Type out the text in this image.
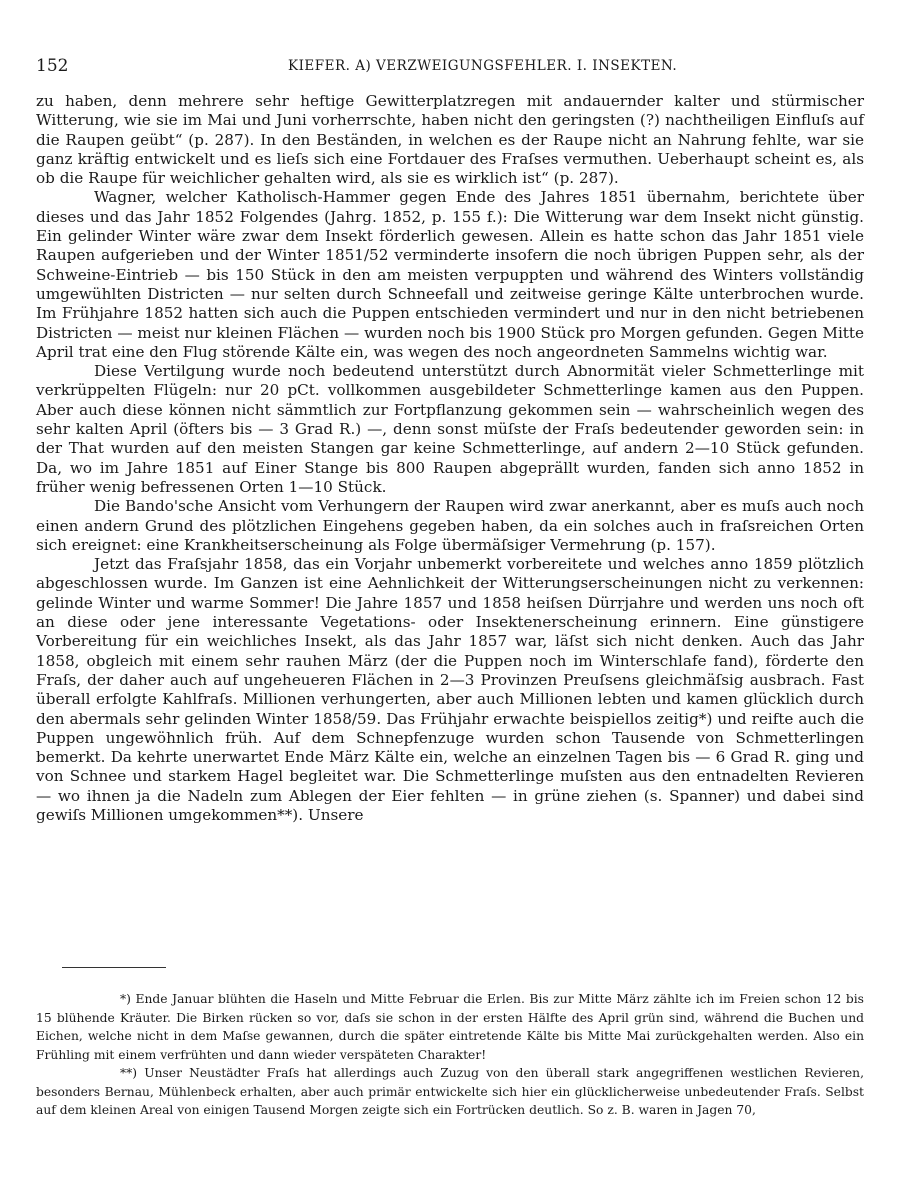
152	KIEFER. A) VERZWEIGUNGSFEHLER. I. INSEKTEN.

zu haben, denn mehrere sehr heftige Gewitterplatzregen mit andauernder kalter und stürmischer Witterung, wie sie im Mai und Juni vorherrschte, haben nicht den geringsten (?) nachtheiligen Einfluſs auf die Raupen geübt“ (p. 287). In den Beständen, in welchen es der Raupe nicht an Nahrung fehlte, war sie ganz kräftig entwickelt und es lieſs sich eine Fortdauer des Fraſses vermuthen. Ueberhaupt scheint es, als ob die Raupe für weichlicher gehalten wird, als sie es wirklich ist“ (p. 287).

Wagner, welcher Katholisch-Hammer gegen Ende des Jahres 1851 übernahm, berichtete über dieses und das Jahr 1852 Folgendes (Jahrg. 1852, p. 155 f.): Die Witterung war dem Insekt nicht günstig. Ein gelinder Winter wäre zwar dem Insekt förderlich gewesen. Allein es hatte schon das Jahr 1851 viele Raupen aufgerieben und der Winter 1851/52 verminderte insofern die noch übrigen Puppen sehr, als der Schweine-Eintrieb — bis 150 Stück in den am meisten verpuppten und während des Winters vollständig umgewühlten Districten — nur selten durch Schneefall und zeitweise geringe Kälte unterbrochen wurde. Im Frühjahre 1852 hatten sich auch die Puppen entschieden vermindert und nur in den nicht betriebenen Districten — meist nur kleinen Flächen — wurden noch bis 1900 Stück pro Morgen gefunden. Gegen Mitte April trat eine den Flug störende Kälte ein, was wegen des noch angeordneten Sammelns wichtig war.

Diese Vertilgung wurde noch bedeutend unterstützt durch Abnormität vieler Schmetterlinge mit verkrüppelten Flügeln: nur 20 pCt. vollkommen ausgebildeter Schmetterlinge kamen aus den Puppen. Aber auch diese können nicht sämmtlich zur Fortpflanzung gekommen sein — wahrscheinlich wegen des sehr kalten April (öfters bis — 3 Grad R.) —, denn sonst müſste der Fraſs bedeutender geworden sein: in der That wurden auf den meisten Stangen gar keine Schmetterlinge, auf andern 2—10 Stück gefunden. Da, wo im Jahre 1851 auf Einer Stange bis 800 Raupen abgeprällt wurden, fanden sich anno 1852 in früher wenig befressenen Orten 1—10 Stück.

Die Bando'sche Ansicht vom Verhungern der Raupen wird zwar anerkannt, aber es muſs auch noch einen andern Grund des plötzlichen Eingehens gegeben haben, da ein solches auch in fraſsreichen Orten sich ereignet: eine Krankheitserscheinung als Folge übermäſsiger Vermehrung (p. 157).

Jetzt das Fraſsjahr 1858, das ein Vorjahr unbemerkt vorbereitete und welches anno 1859 plötzlich abgeschlossen wurde. Im Ganzen ist eine Aehnlichkeit der Witterungserscheinungen nicht zu verkennen: gelinde Winter und warme Sommer! Die Jahre 1857 und 1858 heiſsen Dürrjahre und werden uns noch oft an diese oder jene interessante Vegetations- oder Insektenerscheinung erinnern. Eine günstigere Vorbereitung für ein weichliches Insekt, als das Jahr 1857 war, läſst sich nicht denken. Auch das Jahr 1858, obgleich mit einem sehr rauhen März (der die Puppen noch im Winterschlafe fand), förderte den Fraſs, der daher auch auf ungeheueren Flächen in 2—3 Provinzen Preuſsens gleichmäſsig ausbrach. Fast überall erfolgte Kahlfraſs. Millionen verhungerten, aber auch Millionen lebten und kamen glücklich durch den abermals sehr gelinden Winter 1858/59. Das Frühjahr erwachte beispiellos zeitig*) und reifte auch die Puppen ungewöhnlich früh. Auf dem Schnepfenzuge wurden schon Tausende von Schmetterlingen bemerkt. Da kehrte unerwartet Ende März Kälte ein, welche an einzelnen Tagen bis — 6 Grad R. ging und von Schnee und starkem Hagel begleitet war. Die Schmetterlinge muſsten aus den entnadelten Revieren — wo ihnen ja die Nadeln zum Ablegen der Eier fehlten — in grüne ziehen (s. Spanner) und dabei sind gewiſs Millionen umgekommen**). Unsere

*) Ende Januar blühten die Haseln und Mitte Februar die Erlen. Bis zur Mitte März zählte ich im Freien schon 12 bis 15 blühende Kräuter. Die Birken rücken so vor, daſs sie schon in der ersten Hälfte des April grün sind, während die Buchen und Eichen, welche nicht in dem Maſse gewannen, durch die später eintretende Kälte bis Mitte Mai zurückgehalten werden. Also ein Frühling mit einem verfrühten und dann wieder verspäteten Charakter!

**) Unser Neustädter Fraſs hat allerdings auch Zuzug von den überall stark angegriffenen westlichen Revieren, besonders Bernau, Mühlenbeck erhalten, aber auch primär entwickelte sich hier ein glücklicherweise unbedeutender Fraſs. Selbst auf dem kleinen Areal von einigen Tausend Morgen zeigte sich ein Fortrücken deutlich. So z. B. waren in Jagen 70,
